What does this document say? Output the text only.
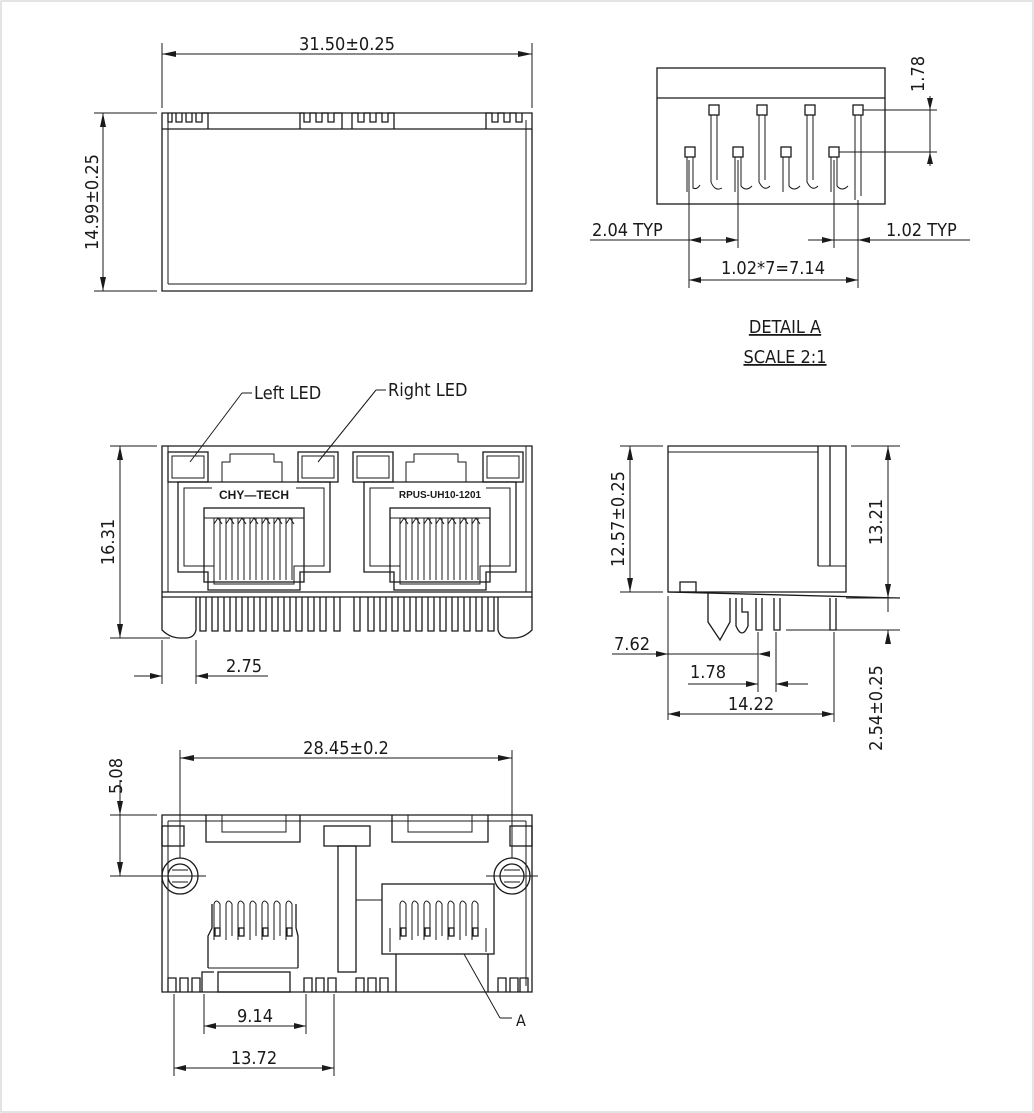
31.50±0.25
14.99±0.25
1.78
2.04 TYP	1.02 TYP
1.02*7=7.14
DETAIL A
SCALE 2:1
CHY—TECH	RPUS-UH10-1201
Left LED	Right LED
16.31
2.75
12.57±0.25	13.21
2.54±0.25
7.62
1.78
14.22
A
28.45±0.2
5.08
9.14
13.72
